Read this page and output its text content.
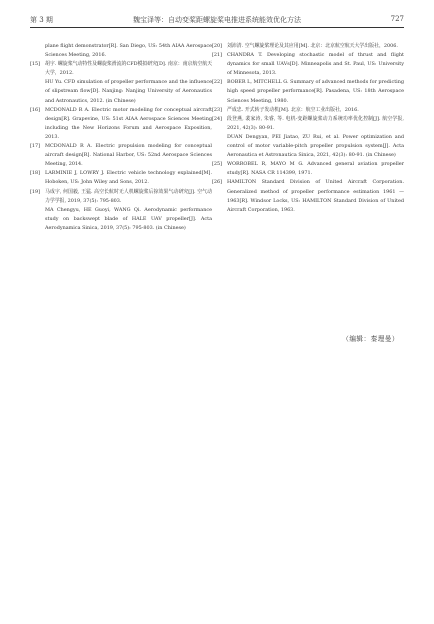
第 3 期	魏宝泽等：自动变桨距螺旋桨电推进系统能效优化方法	727
plane flight demonstrator[R]. San Diego, US: 54th AIAA Aerospace Sciences Meeting, 2016.
[15] 胡宇. 螺旋桨气动特性及螺旋桨滑流的CFD模拟研究[D]. 南京：南京航空航天大学，2012.
HU Yu. CFD simulation of propeller performance and the influence of slipstream flow[D]. Nanjing: Nanjing University of Aeronautics and Astronautics, 2012. (in Chinese)
[16] MCDONALD R A. Electric motor modeling for conceptual aircraft design[R]. Grapevine, US: 51st AIAA Aerospace Sciences Meeting including the New Horizons Forum and Aerospace Exposition, 2013.
[17] MCDONALD R A. Electric propulsion modeling for conceptual aircraft design[R]. National Harbor, US: 52nd Aerospace Sciences Meeting, 2014.
[18] LARMINIE J, LOWRY J. Electric vehicle technology explained[M]. Hoboken, US: John Wiley and Sons, 2012.
[19] 马成宇, 何国毅, 王猛. 高空长航时无人机螺旋桨后掠效果气动研究[J]. 空气动力学学报, 2019, 37(5): 795-803.
MA Chengyu, HE Guoyi, WANG Qi. Aerodynamic performance study on backswept blade of HALE UAV propeller[J]. Acta Aerodynamica Sinica, 2019, 37(5): 795-803. (in Chinese)
[20] 刘沛清. 空气螺旋桨理论及其应用[M]. 北京：北京航空航天大学出版社，2006.
[21] CHANDRA T. Developing stochastic model of thrust and flight dynamics for small UAVs[D]. Minneapolis and St. Paul, US: University of Minnesota, 2013.
[22] BOBER L, MITCHELL G. Summary of advanced methods for predicting high speed propeller performance[R]. Pasadena, US: 18th Aerospace Sciences Meeting, 1980.
[23] 严成忠. 开式转子发动机[M]. 北京：航空工业出版社，2016.
[24] 段登燕, 裴家涛, 朱睿, 等. 电机-变距螺旋桨动力系统功率优化控制[J]. 航空学报, 2021, 42(3): 80-91.
DUAN Dengyan, PEI Jiatao, ZU Rui, et al. Power optimization and control of motor variable-pitch propeller propulsion system[J]. Acta Aeronautica et Astronautica Sinica, 2021, 42(3): 80-91. (in Chinese)
[25] WORROBEL R, MAYO M G. Advanced general aviation propeller study[R]. NASA CR 114399, 1971.
[26] HAMILTON Standard Division of United Aircraft Corporation. Generalized method of propeller performance estimation 1961 — 1963[R]. Windsor Locks, US: HAMILTON Standard Division of United Aircraft Corporation, 1963.
（编辑：秦理曼）
